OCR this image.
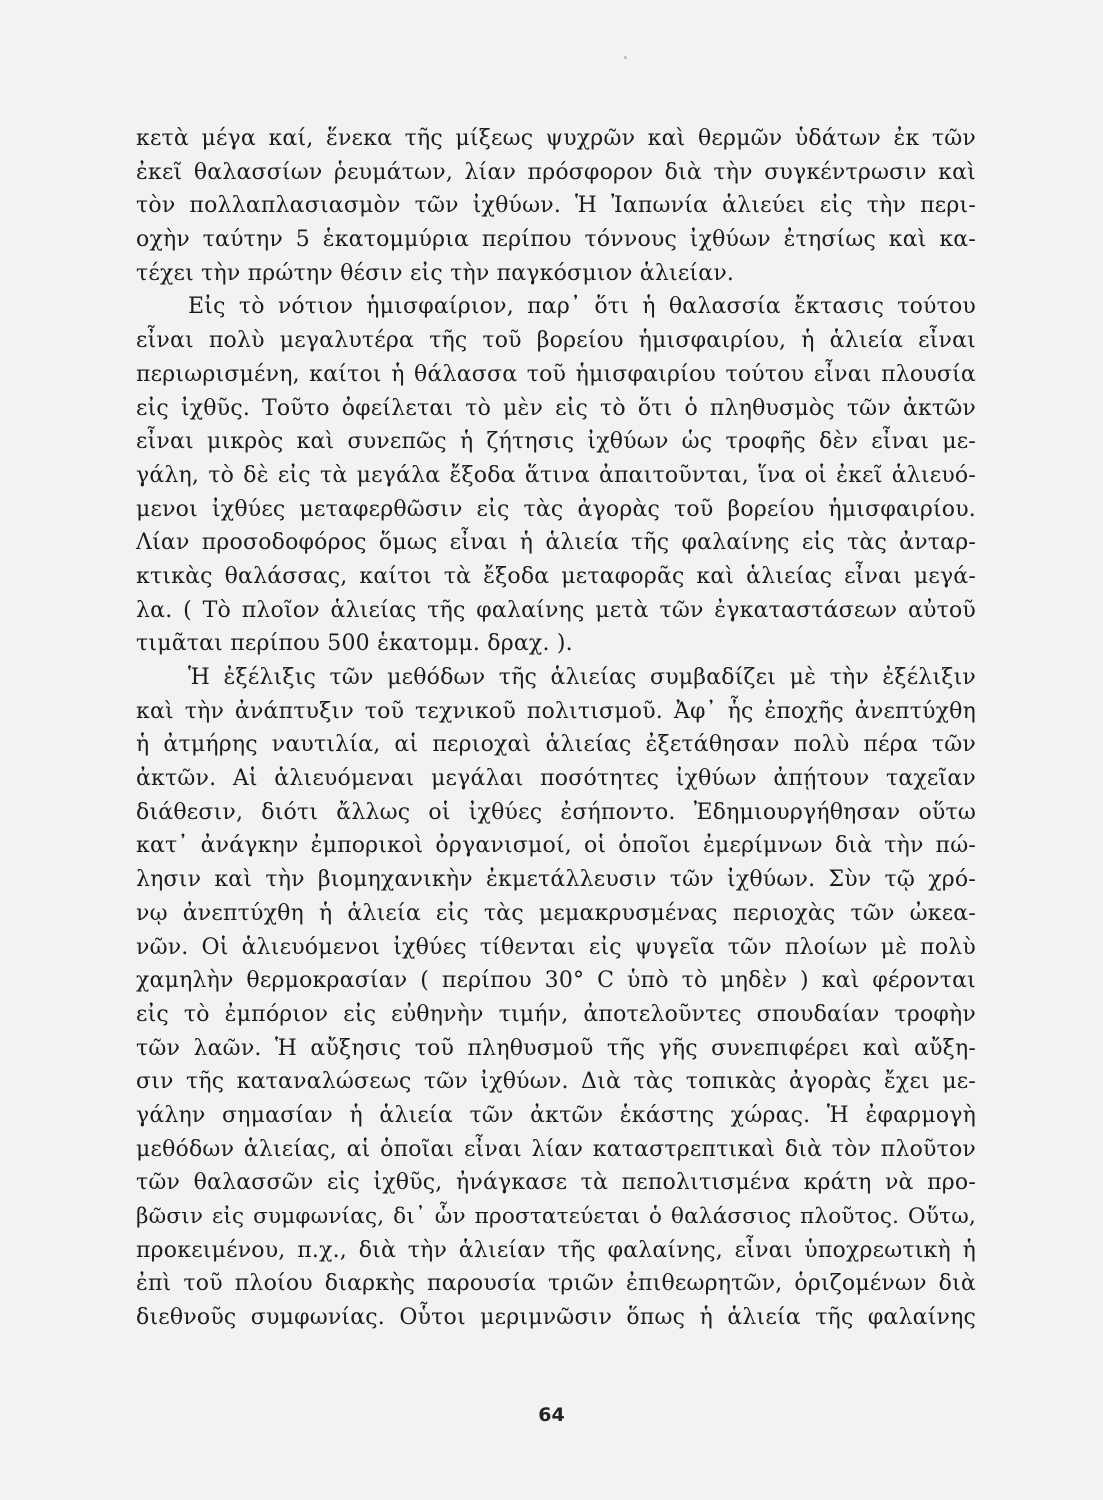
κετὰ μέγα καί, ἕνεκα τῆς μίξεως ψυχρῶν καὶ θερμῶν ὑδάτων ἐκ τῶν
ἐκεῖ θαλασσίων ῥευμάτων, λίαν πρόσφορον διὰ τὴν συγκέντρωσιν καὶ
τὸν πολλαπλασιασμὸν τῶν ἰχθύων. Ἡ Ἰαπωνία ἁλιεύει εἰς τὴν περι-
οχὴν ταύτην 5 ἑκατομμύρια περίπου τόννους ἰχθύων ἐτησίως καὶ κα-
τέχει τὴν πρώτην θέσιν εἰς τὴν παγκόσμιον ἁλιείαν.
Εἰς τὸ νότιον ἡμισφαίριον, παρ᾽ ὅτι ἡ θαλασσία ἔκτασις τούτου
εἶναι πολὺ μεγαλυτέρα τῆς τοῦ βορείου ἡμισφαιρίου, ἡ ἁλιεία εἶναι
περιωρισμένη, καίτοι ἡ θάλασσα τοῦ ἡμισφαιρίου τούτου εἶναι πλουσία
εἰς ἰχθῦς. Τοῦτο ὀφείλεται τὸ μὲν εἰς τὸ ὅτι ὁ πληθυσμὸς τῶν ἀκτῶν
εἶναι μικρὸς καὶ συνεπῶς ἡ ζήτησις ἰχθύων ὡς τροφῆς δὲν εἶναι με-
γάλη, τὸ δὲ εἰς τὰ μεγάλα ἔξοδα ἅτινα ἀπαιτοῦνται, ἵνα οἱ ἐκεῖ ἁλιευό-
μενοι ἰχθύες μεταφερθῶσιν εἰς τὰς ἀγορὰς τοῦ βορείου ἡμισφαιρίου.
Λίαν προσοδοφόρος ὅμως εἶναι ἡ ἁλιεία τῆς φαλαίνης εἰς τὰς ἀνταρ-
κτικὰς θαλάσσας, καίτοι τὰ ἔξοδα μεταφορᾶς καὶ ἁλιείας εἶναι μεγά-
λα. ( Τὸ πλοῖον ἁλιείας τῆς φαλαίνης μετὰ τῶν ἐγκαταστάσεων αὐτοῦ
τιμᾶται περίπου 500 ἑκατομμ. δραχ. ).
Ἡ ἐξέλιξις τῶν μεθόδων τῆς ἁλιείας συμβαδίζει μὲ τὴν ἐξέλιξιν
καὶ τὴν ἀνάπτυξιν τοῦ τεχνικοῦ πολιτισμοῦ. Ἀφ᾽ ἧς ἐποχῆς ἀνεπτύχθη
ἡ ἀτμήρης ναυτιλία, αἱ περιοχαὶ ἁλιείας ἐξετάθησαν πολὺ πέρα τῶν
ἀκτῶν. Αἱ ἁλιευόμεναι μεγάλαι ποσότητες ἰχθύων ἀπῄτουν ταχεῖαν
διάθεσιν, διότι ἄλλως οἱ ἰχθύες ἐσήποντο. Ἐδημιουργήθησαν οὕτω
κατ᾽ ἀνάγκην ἐμπορικοὶ ὀργανισμοί, οἱ ὁποῖοι ἐμερίμνων διὰ τὴν πώ-
λησιν καὶ τὴν βιομηχανικὴν ἐκμετάλλευσιν τῶν ἰχθύων. Σὺν τῷ χρό-
νῳ ἀνεπτύχθη ἡ ἁλιεία εἰς τὰς μεμακρυσμένας περιοχὰς τῶν ὠκεα-
νῶν. Οἱ ἁλιευόμενοι ἰχθύες τίθενται εἰς ψυγεῖα τῶν πλοίων μὲ πολὺ
χαμηλὴν θερμοκρασίαν ( περίπου 30° C ὑπὸ τὸ μηδὲν ) καὶ φέρονται
εἰς τὸ ἐμπόριον εἰς εὐθηνὴν τιμήν, ἀποτελοῦντες σπουδαίαν τροφὴν
τῶν λαῶν. Ἡ αὔξησις τοῦ πληθυσμοῦ τῆς γῆς συνεπιφέρει καὶ αὔξη-
σιν τῆς καταναλώσεως τῶν ἰχθύων. Διὰ τὰς τοπικὰς ἀγορὰς ἔχει με-
γάλην σημασίαν ἡ ἁλιεία τῶν ἀκτῶν ἑκάστης χώρας. Ἡ ἐφαρμογὴ
μεθόδων ἁλιείας, αἱ ὁποῖαι εἶναι λίαν καταστρεπτικαὶ διὰ τὸν πλοῦτον
τῶν θαλασσῶν εἰς ἰχθῦς, ἠνάγκασε τὰ πεπολιτισμένα κράτη νὰ προ-
βῶσιν εἰς συμφωνίας, δι᾽ ὧν προστατεύεται ὁ θαλάσσιος πλοῦτος. Οὕτω,
προκειμένου, π.χ., διὰ τὴν ἁλιείαν τῆς φαλαίνης, εἶναι ὑποχρεωτικὴ ἡ
ἐπὶ τοῦ πλοίου διαρκὴς παρουσία τριῶν ἐπιθεωρητῶν, ὁριζομένων διὰ
διεθνοῦς συμφωνίας. Οὗτοι μεριμνῶσιν ὅπως ἡ ἁλιεία τῆς φαλαίνης
64
